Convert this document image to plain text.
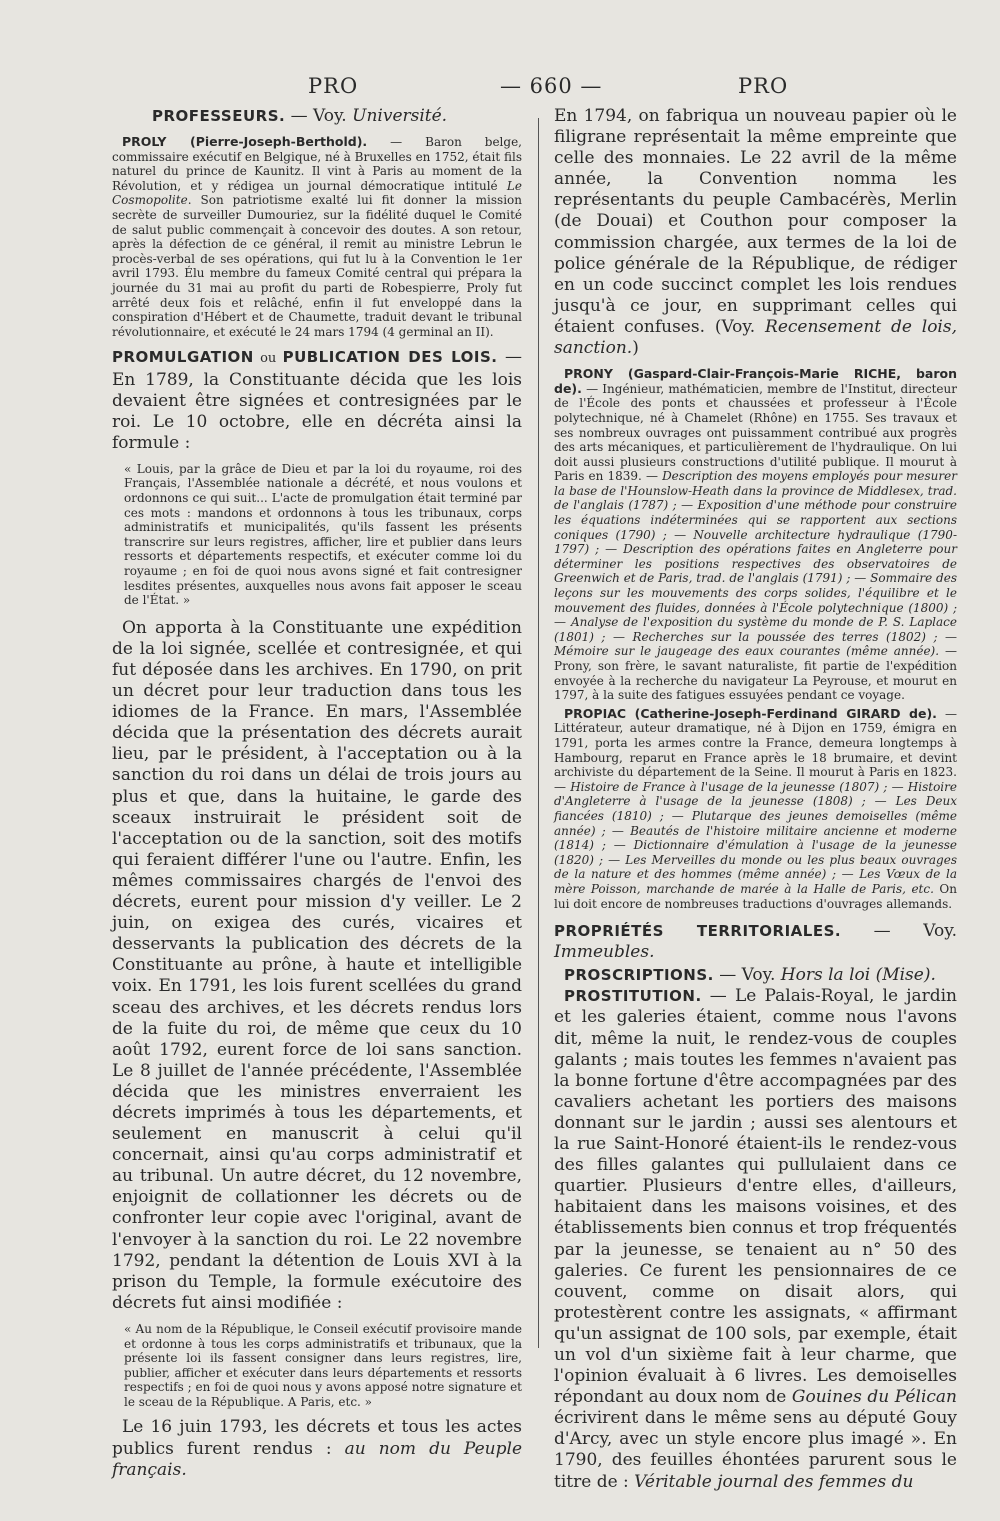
PRO	— 660 —	PRO

PROFESSEURS. — Voy. Université.

PROLY (Pierre-Joseph-Berthold). — Baron belge, commissaire exécutif en Belgique, né à Bruxelles en 1752, était fils naturel du prince de Kaunitz. Il vint à Paris au moment de la Révolution, et y rédigea un journal démocratique intitulé Le Cosmopolite. Son patriotisme exalté lui fit donner la mission secrète de surveiller Dumouriez, sur la fidélité duquel le Comité de salut public commençait à concevoir des doutes. A son retour, après la défection de ce général, il remit au ministre Lebrun le procès-verbal de ses opérations, qui fut lu à la Convention le 1er avril 1793. Élu membre du fameux Comité central qui prépara la journée du 31 mai au profit du parti de Robespierre, Proly fut arrêté deux fois et relâché, enfin il fut enveloppé dans la conspiration d'Hébert et de Chaumette, traduit devant le tribunal révolutionnaire, et exécuté le 24 mars 1794 (4 germinal an II).

PROMULGATION ou PUBLICATION DES LOIS. — En 1789, la Constituante décida que les lois devaient être signées et contresignées par le roi. Le 10 octobre, elle en décréta ainsi la formule :

« Louis, par la grâce de Dieu et par la loi du royaume, roi des Français, l'Assemblée nationale a décrété, et nous voulons et ordonnons ce qui suit... L'acte de promulgation était terminé par ces mots : mandons et ordonnons à tous les tribunaux, corps administratifs et municipalités, qu'ils fassent les présents transcrire sur leurs registres, afficher, lire et publier dans leurs ressorts et départements respectifs, et exécuter comme loi du royaume ; en foi de quoi nous avons signé et fait contresigner lesdites présentes, auxquelles nous avons fait apposer le sceau de l'État. »

On apporta à la Constituante une expédition de la loi signée, scellée et contresignée, et qui fut déposée dans les archives. En 1790, on prit un décret pour leur traduction dans tous les idiomes de la France. En mars, l'Assemblée décida que la présentation des décrets aurait lieu, par le président, à l'acceptation ou à la sanction du roi dans un délai de trois jours au plus et que, dans la huitaine, le garde des sceaux instruirait le président soit de l'acceptation ou de la sanction, soit des motifs qui feraient différer l'une ou l'autre. Enfin, les mêmes commissaires chargés de l'envoi des décrets, eurent pour mission d'y veiller. Le 2 juin, on exigea des curés, vicaires et desservants la publication des décrets de la Constituante au prône, à haute et intelligible voix. En 1791, les lois furent scellées du grand sceau des archives, et les décrets rendus lors de la fuite du roi, de même que ceux du 10 août 1792, eurent force de loi sans sanction. Le 8 juillet de l'année précédente, l'Assemblée décida que les ministres enverraient les décrets imprimés à tous les départements, et seulement en manuscrit à celui qu'il concernait, ainsi qu'au corps administratif et au tribunal. Un autre décret, du 12 novembre, enjoignit de collationner les décrets ou de confronter leur copie avec l'original, avant de l'envoyer à la sanction du roi. Le 22 novembre 1792, pendant la détention de Louis XVI à la prison du Temple, la formule exécutoire des décrets fut ainsi modifiée :

« Au nom de la République, le Conseil exécutif provisoire mande et ordonne à tous les corps administratifs et tribunaux, que la présente loi ils fassent consigner dans leurs registres, lire, publier, afficher et exécuter dans leurs départements et ressorts respectifs ; en foi de quoi nous y avons apposé notre signature et le sceau de la République. A Paris, etc. »

Le 16 juin 1793, les décrets et tous les actes publics furent rendus : au nom du Peuple français.

En 1794, on fabriqua un nouveau papier où le filigrane représentait la même empreinte que celle des monnaies. Le 22 avril de la même année, la Convention nomma les représentants du peuple Cambacérès, Merlin (de Douai) et Couthon pour composer la commission chargée, aux termes de la loi de police générale de la République, de rédiger en un code succinct complet les lois rendues jusqu'à ce jour, en supprimant celles qui étaient confuses. (Voy. Recensement de lois, sanction.)

PRONY (Gaspard-Clair-François-Marie RICHE, baron de). — Ingénieur, mathématicien, membre de l'Institut, directeur de l'École des ponts et chaussées et professeur à l'École polytechnique, né à Chamelet (Rhône) en 1755. Ses travaux et ses nombreux ouvrages ont puissamment contribué aux progrès des arts mécaniques, et particulièrement de l'hydraulique. On lui doit aussi plusieurs constructions d'utilité publique. Il mourut à Paris en 1839. — Description des moyens employés pour mesurer la base de l'Hounslow-Heath dans la province de Middlesex, trad. de l'anglais (1787) ; — Exposition d'une méthode pour construire les équations indéterminées qui se rapportent aux sections coniques (1790) ; — Nouvelle architecture hydraulique (1790-1797) ; — Description des opérations faites en Angleterre pour déterminer les positions respectives des observatoires de Greenwich et de Paris, trad. de l'anglais (1791) ; — Sommaire des leçons sur les mouvements des corps solides, l'équilibre et le mouvement des fluides, données à l'École polytechnique (1800) ; — Analyse de l'exposition du système du monde de P. S. Laplace (1801) ; — Recherches sur la poussée des terres (1802) ; — Mémoire sur le jaugeage des eaux courantes (même année). — Prony, son frère, le savant naturaliste, fit partie de l'expédition envoyée à la recherche du navigateur La Peyrouse, et mourut en 1797, à la suite des fatigues essuyées pendant ce voyage.

PROPIAC (Catherine-Joseph-Ferdinand GIRARD de). — Littérateur, auteur dramatique, né à Dijon en 1759, émigra en 1791, porta les armes contre la France, demeura longtemps à Hambourg, reparut en France après le 18 brumaire, et devint archiviste du département de la Seine. Il mourut à Paris en 1823. — Histoire de France à l'usage de la jeunesse (1807) ; — Histoire d'Angleterre à l'usage de la jeunesse (1808) ; — Les Deux fiancées (1810) ; — Plutarque des jeunes demoiselles (même année) ; — Beautés de l'histoire militaire ancienne et moderne (1814) ; — Dictionnaire d'émulation à l'usage de la jeunesse (1820) ; — Les Merveilles du monde ou les plus beaux ouvrages de la nature et des hommes (même année) ; — Les Vœux de la mère Poisson, marchande de marée à la Halle de Paris, etc. On lui doit encore de nombreuses traductions d'ouvrages allemands.

PROPRIÉTÉS TERRITORIALES. — Voy. Immeubles.

PROSCRIPTIONS. — Voy. Hors la loi (Mise).

PROSTITUTION. — Le Palais-Royal, le jardin et les galeries étaient, comme nous l'avons dit, même la nuit, le rendez-vous de couples galants ; mais toutes les femmes n'avaient pas la bonne fortune d'être accompagnées par des cavaliers achetant les portiers des maisons donnant sur le jardin ; aussi ses alentours et la rue Saint-Honoré étaient-ils le rendez-vous des filles galantes qui pullulaient dans ce quartier. Plusieurs d'entre elles, d'ailleurs, habitaient dans les maisons voisines, et des établissements bien connus et trop fréquentés par la jeunesse, se tenaient au n° 50 des galeries. Ce furent les pensionnaires de ce couvent, comme on disait alors, qui protestèrent contre les assignats, « affirmant qu'un assignat de 100 sols, par exemple, était un vol d'un sixième fait à leur charme, que l'opinion évaluait à 6 livres. Les demoiselles répondant au doux nom de Gouines du Pélican écrivirent dans le même sens au député Gouy d'Arcy, avec un style encore plus imagé ». En 1790, des feuilles éhontées parurent sous le titre de : Véritable journal des femmes du
